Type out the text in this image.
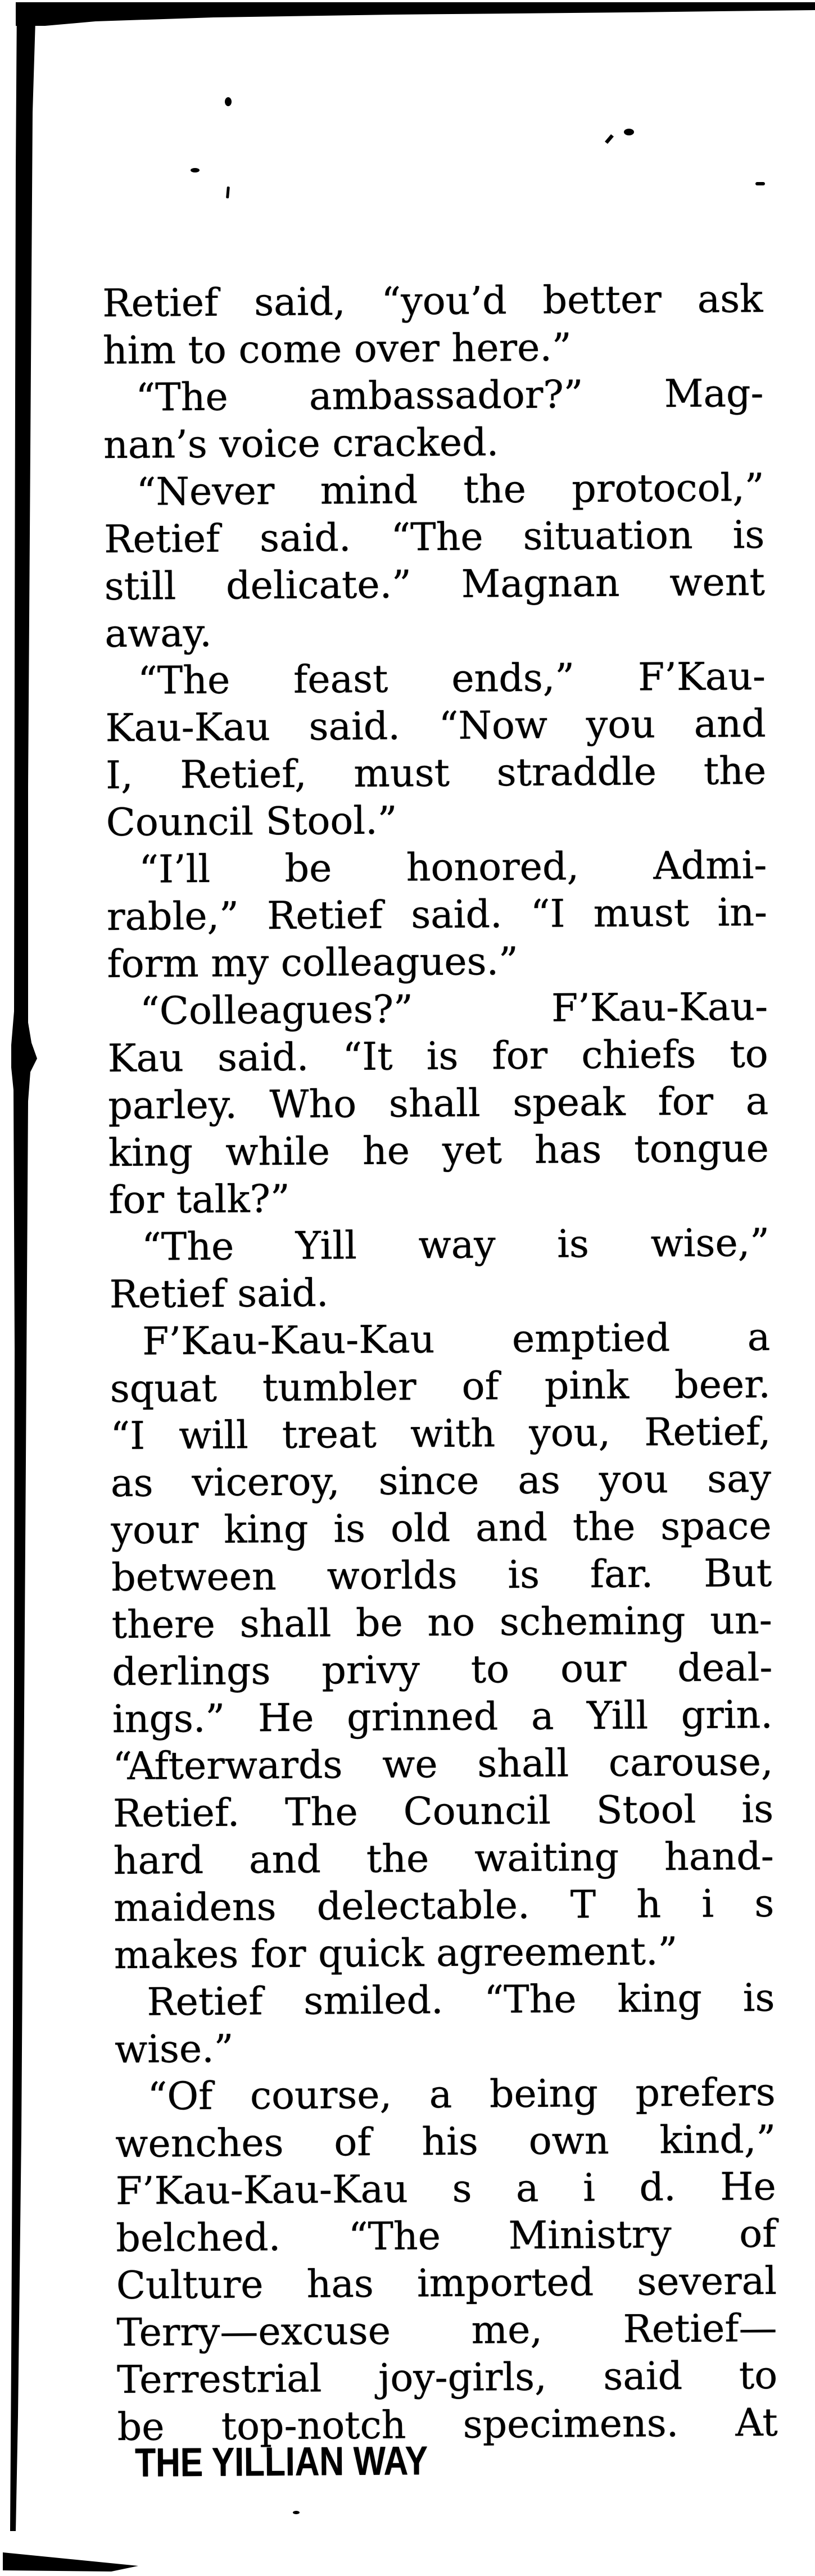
Retief said, “you’d better ask
him to come over here.”
“The ambassador?” Mag-
nan’s voice cracked.
“Never mind the protocol,”
Retief said. “The situation is
still delicate.” Magnan went
away.
“The feast ends,” F’Kau-
Kau-Kau said. “Now you and
I, Retief, must straddle the
Council Stool.”
“I’ll be honored, Admi-
rable,” Retief said. “I must in-
form my colleagues.”
“Colleagues?” F’Kau-Kau-
Kau said. “It is for chiefs to
parley. Who shall speak for a
king while he yet has tongue
for talk?”
“The Yill way is wise,”
Retief said.
F’Kau-Kau-Kau emptied a
squat tumbler of pink beer.
“I will treat with you, Retief,
as viceroy, since as you say
your king is old and the space
between worlds is far. But
there shall be no scheming un-
derlings privy to our deal-
ings.” He grinned a Yill grin.
“Afterwards we shall carouse,
Retief. The Council Stool is
hard and the waiting hand-
maidens delectable. T h i s
makes for quick agreement.”
Retief smiled. “The king is
wise.”
“Of course, a being prefers
wenches of his own kind,”
F’Kau-Kau-Kau s a i d. He
belched. “The Ministry of
Culture has imported several
Terry—excuse me, Retief—
Terrestrial joy-girls, said to
be top-notch specimens. At
THE YILLIAN WAY
